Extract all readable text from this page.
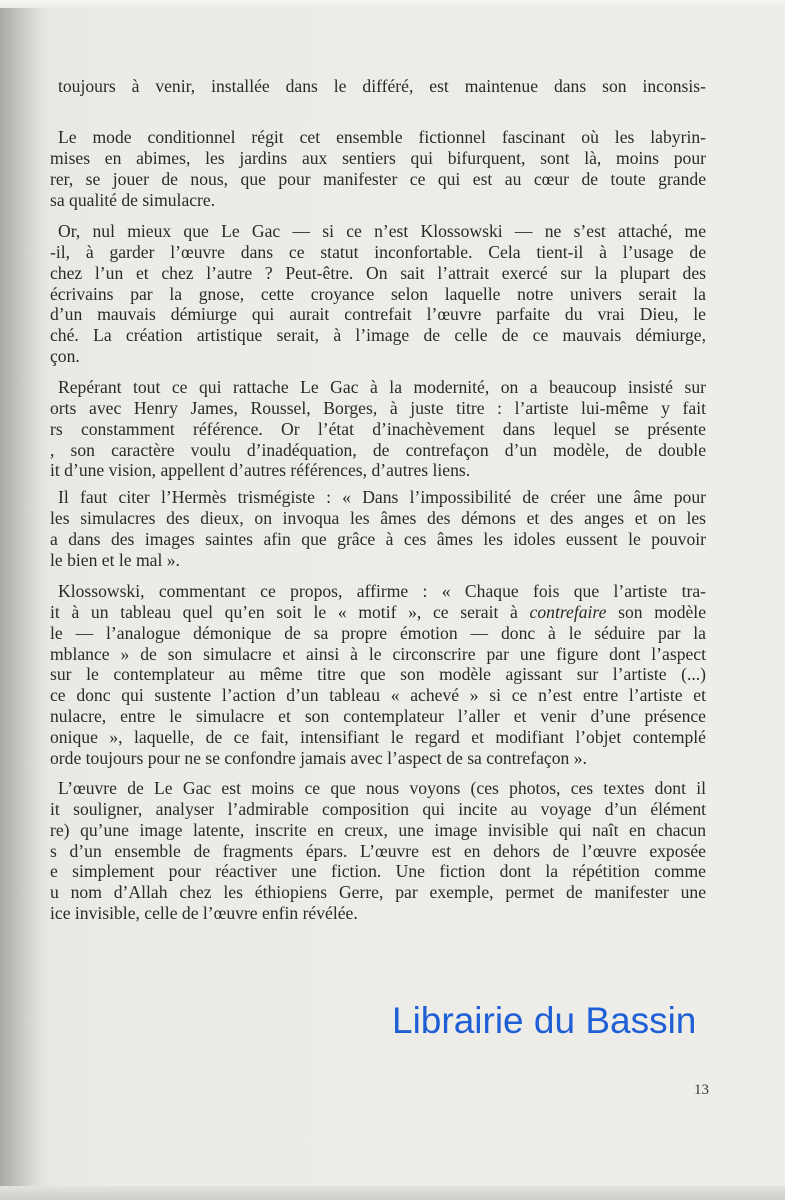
toujours à venir, installée dans le différé, est maintenue dans son inconsis-
Le mode conditionnel régit cet ensemble fictionnel fascinant où les labyrin-
mises en abimes, les jardins aux sentiers qui bifurquent, sont là, moins pour
rer, se jouer de nous, que pour manifester ce qui est au cœur de toute grande
sa qualité de simulacre.
Or, nul mieux que Le Gac — si ce n’est Klossowski — ne s’est attaché, me
-il, à garder l’œuvre dans ce statut inconfortable. Cela tient-il à l’usage de
chez l’un et chez l’autre ? Peut-être. On sait l’attrait exercé sur la plupart des
écrivains par la gnose, cette croyance selon laquelle notre univers serait la
d’un mauvais démiurge qui aurait contrefait l’œuvre parfaite du vrai Dieu, le
ché. La création artistique serait, à l’image de celle de ce mauvais démiurge,
çon.
Repérant tout ce qui rattache Le Gac à la modernité, on a beaucoup insisté sur
orts avec Henry James, Roussel, Borges, à juste titre : l’artiste lui-même y fait
rs constamment référence. Or l’état d’inachèvement dans lequel se présente
, son caractère voulu d’inadéquation, de contrefaçon d’un modèle, de double
it d’une vision, appellent d’autres références, d’autres liens.
Il faut citer l’Hermès trismégiste : « Dans l’impossibilité de créer une âme pour
les simulacres des dieux, on invoqua les âmes des démons et des anges et on les
a dans des images saintes afin que grâce à ces âmes les idoles eussent le pouvoir
le bien et le mal ».
Klossowski, commentant ce propos, affirme : « Chaque fois que l’artiste tra-
it à un tableau quel qu’en soit le « motif », ce serait à contrefaire son modèle
le — l’analogue démonique de sa propre émotion — donc à le séduire par la
mblance » de son simulacre et ainsi à le circonscrire par une figure dont l’aspect
sur le contemplateur au même titre que son modèle agissant sur l’artiste (...)
ce donc qui sustente l’action d’un tableau « achevé » si ce n’est entre l’artiste et
nulacre, entre le simulacre et son contemplateur l’aller et venir d’une présence
onique », laquelle, de ce fait, intensifiant le regard et modifiant l’objet contemplé
orde toujours pour ne se confondre jamais avec l’aspect de sa contrefaçon ».
L’œuvre de Le Gac est moins ce que nous voyons (ces photos, ces textes dont il
it souligner, analyser l’admirable composition qui incite au voyage d’un élément
re) qu’une image latente, inscrite en creux, une image invisible qui naît en chacun
s d’un ensemble de fragments épars. L’œuvre est en dehors de l’œuvre exposée
e simplement pour réactiver une fiction. Une fiction dont la répétition comme
u nom d’Allah chez les éthiopiens Gerre, par exemple, permet de manifester une
ice invisible, celle de l’œuvre enfin révélée.
Librairie du Bassin
13
